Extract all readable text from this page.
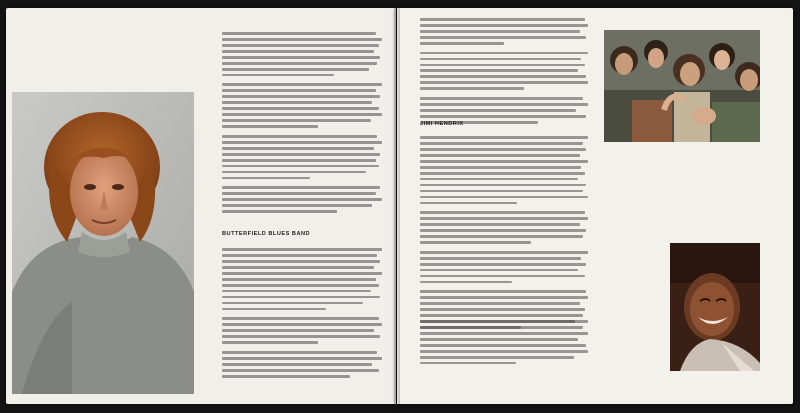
BUTTERFIELD BLUES BAND
JIMI HENDRIX
